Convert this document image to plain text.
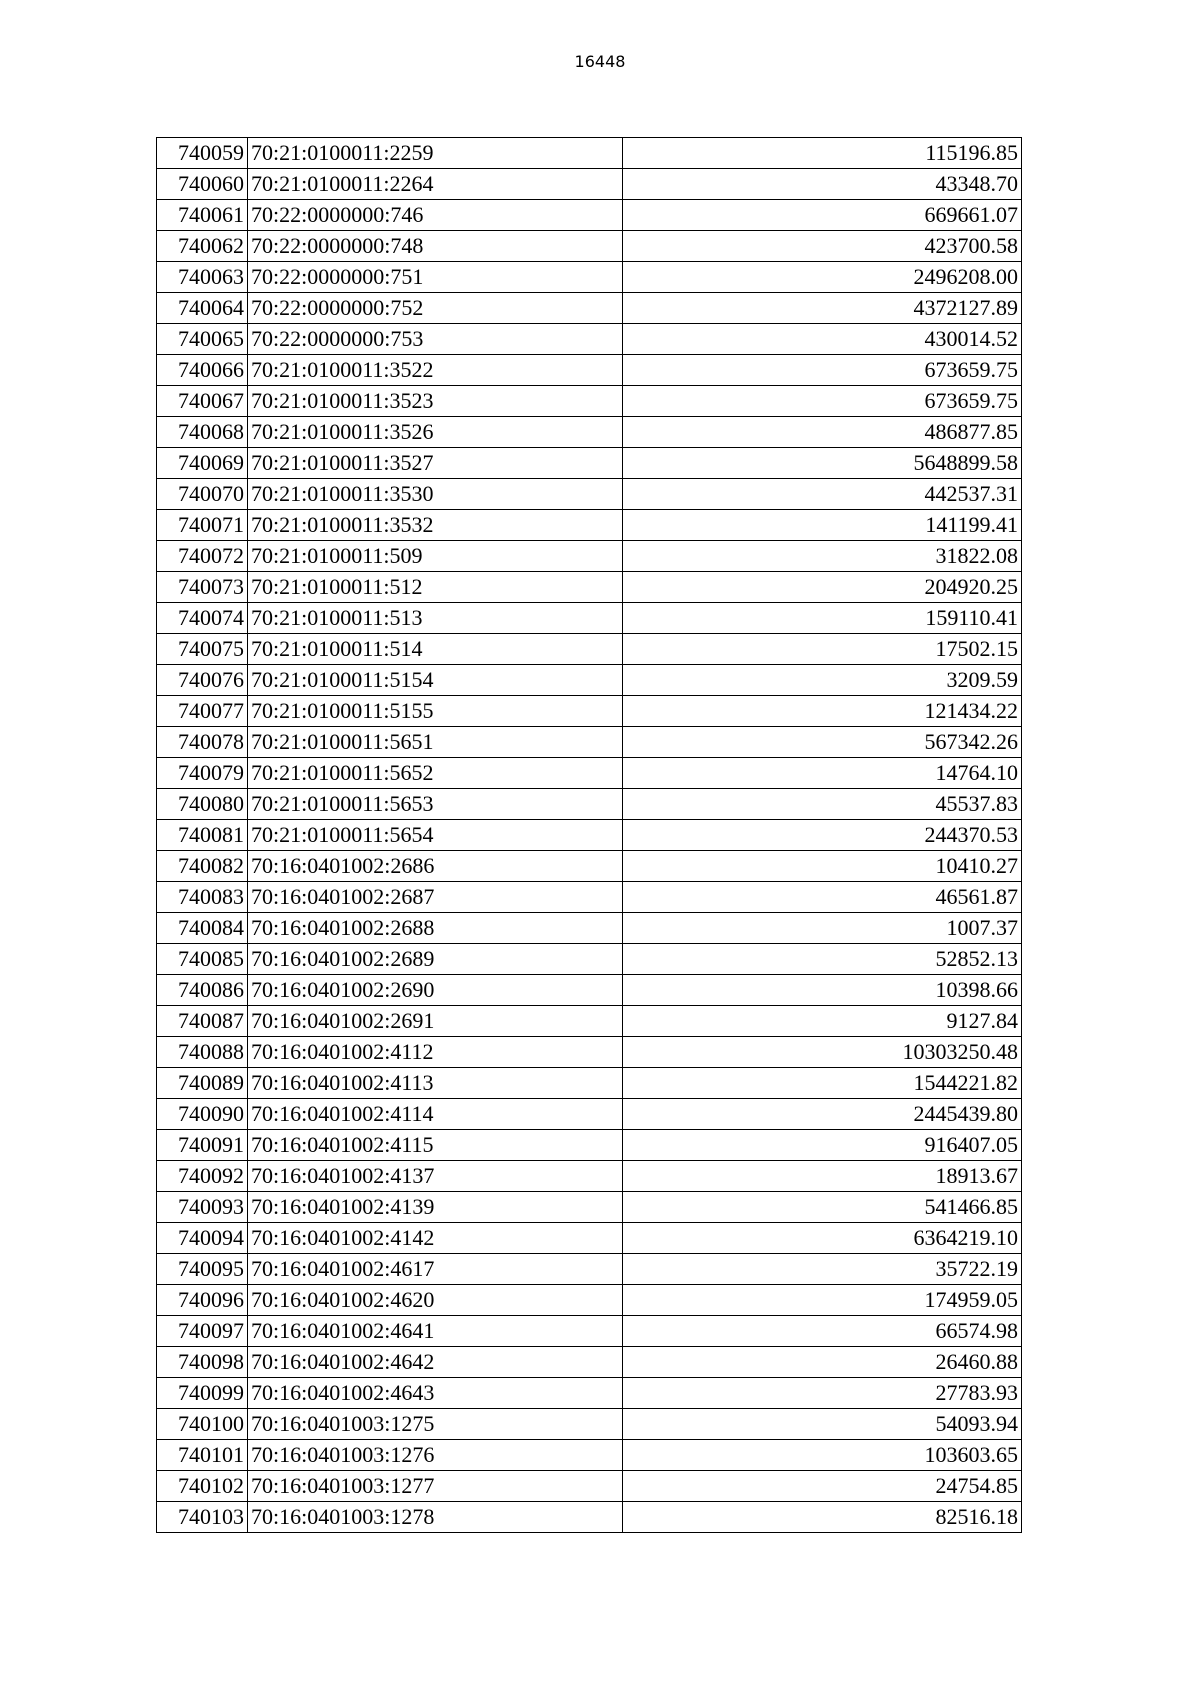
16448
740059	70:21:0100011:2259	115196.85
740060	70:21:0100011:2264	43348.70
740061	70:22:0000000:746	669661.07
740062	70:22:0000000:748	423700.58
740063	70:22:0000000:751	2496208.00
740064	70:22:0000000:752	4372127.89
740065	70:22:0000000:753	430014.52
740066	70:21:0100011:3522	673659.75
740067	70:21:0100011:3523	673659.75
740068	70:21:0100011:3526	486877.85
740069	70:21:0100011:3527	5648899.58
740070	70:21:0100011:3530	442537.31
740071	70:21:0100011:3532	141199.41
740072	70:21:0100011:509	31822.08
740073	70:21:0100011:512	204920.25
740074	70:21:0100011:513	159110.41
740075	70:21:0100011:514	17502.15
740076	70:21:0100011:5154	3209.59
740077	70:21:0100011:5155	121434.22
740078	70:21:0100011:5651	567342.26
740079	70:21:0100011:5652	14764.10
740080	70:21:0100011:5653	45537.83
740081	70:21:0100011:5654	244370.53
740082	70:16:0401002:2686	10410.27
740083	70:16:0401002:2687	46561.87
740084	70:16:0401002:2688	1007.37
740085	70:16:0401002:2689	52852.13
740086	70:16:0401002:2690	10398.66
740087	70:16:0401002:2691	9127.84
740088	70:16:0401002:4112	10303250.48
740089	70:16:0401002:4113	1544221.82
740090	70:16:0401002:4114	2445439.80
740091	70:16:0401002:4115	916407.05
740092	70:16:0401002:4137	18913.67
740093	70:16:0401002:4139	541466.85
740094	70:16:0401002:4142	6364219.10
740095	70:16:0401002:4617	35722.19
740096	70:16:0401002:4620	174959.05
740097	70:16:0401002:4641	66574.98
740098	70:16:0401002:4642	26460.88
740099	70:16:0401002:4643	27783.93
740100	70:16:0401003:1275	54093.94
740101	70:16:0401003:1276	103603.65
740102	70:16:0401003:1277	24754.85
740103	70:16:0401003:1278	82516.18
